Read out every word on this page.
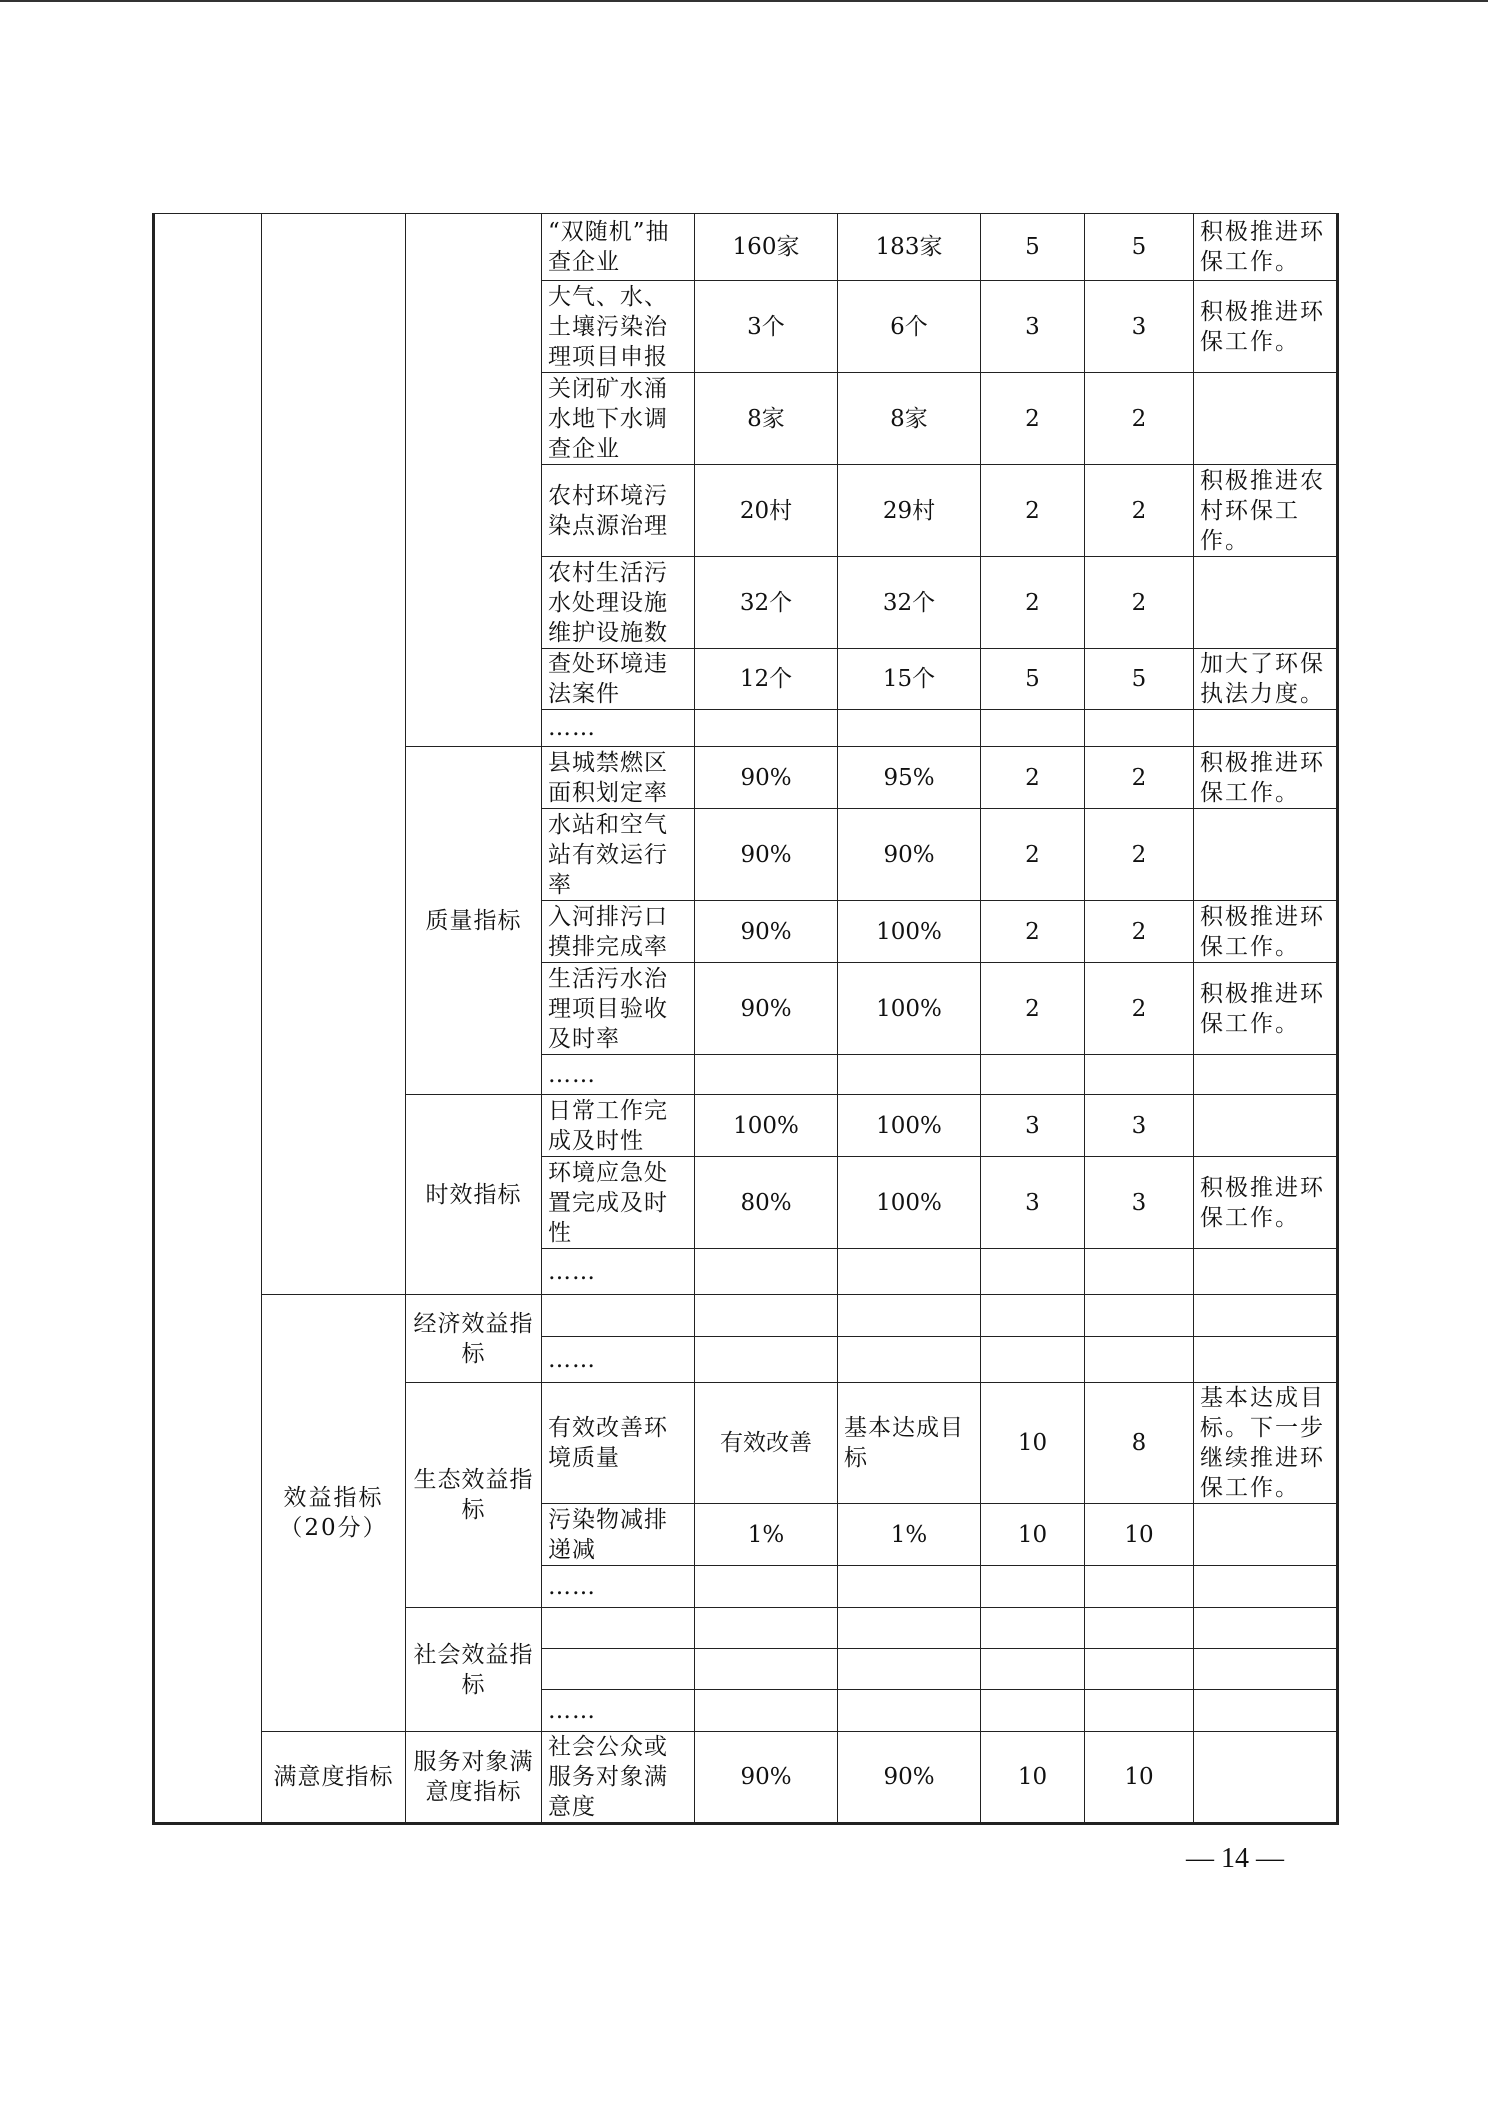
			“双随机”抽查企业	160家	183家	5	5	积极推进环保工作。
			大气、水、土壤污染治理项目申报	3个	6个	3	3	积极推进环保工作。
			关闭矿水涌水地下水调查企业	8家	8家	2	2	
			农村环境污染点源治理	20村	29村	2	2	积极推进农村环保工作。
			农村生活污水处理设施维护设施数	32个	32个	2	2	
			查处环境违法案件	12个	15个	5	5	加大了环保执法力度。
			……					
		质量指标	县城禁燃区面积划定率	90%	95%	2	2	积极推进环保工作。
			水站和空气站有效运行率	90%	90%	2	2	
			入河排污口摸排完成率	90%	100%	2	2	积极推进环保工作。
			生活污水治理项目验收及时率	90%	100%	2	2	积极推进环保工作。
			……					
		时效指标	日常工作完成及时性	100%	100%	3	3	
			环境应急处置完成及时性	80%	100%	3	3	积极推进环保工作。
			……					
	效益指标（20分）	经济效益指标						
			……					
		生态效益指标	有效改善环境质量	有效改善	基本达成目标	10	8	基本达成目标。下一步继续推进环保工作。
			污染物减排递减	1%	1%	10	10	
			……					
		社会效益指标						

			……					
	满意度指标	服务对象满意度指标	社会公众或服务对象满意度	90%	90%	10	10	
— 14 —
